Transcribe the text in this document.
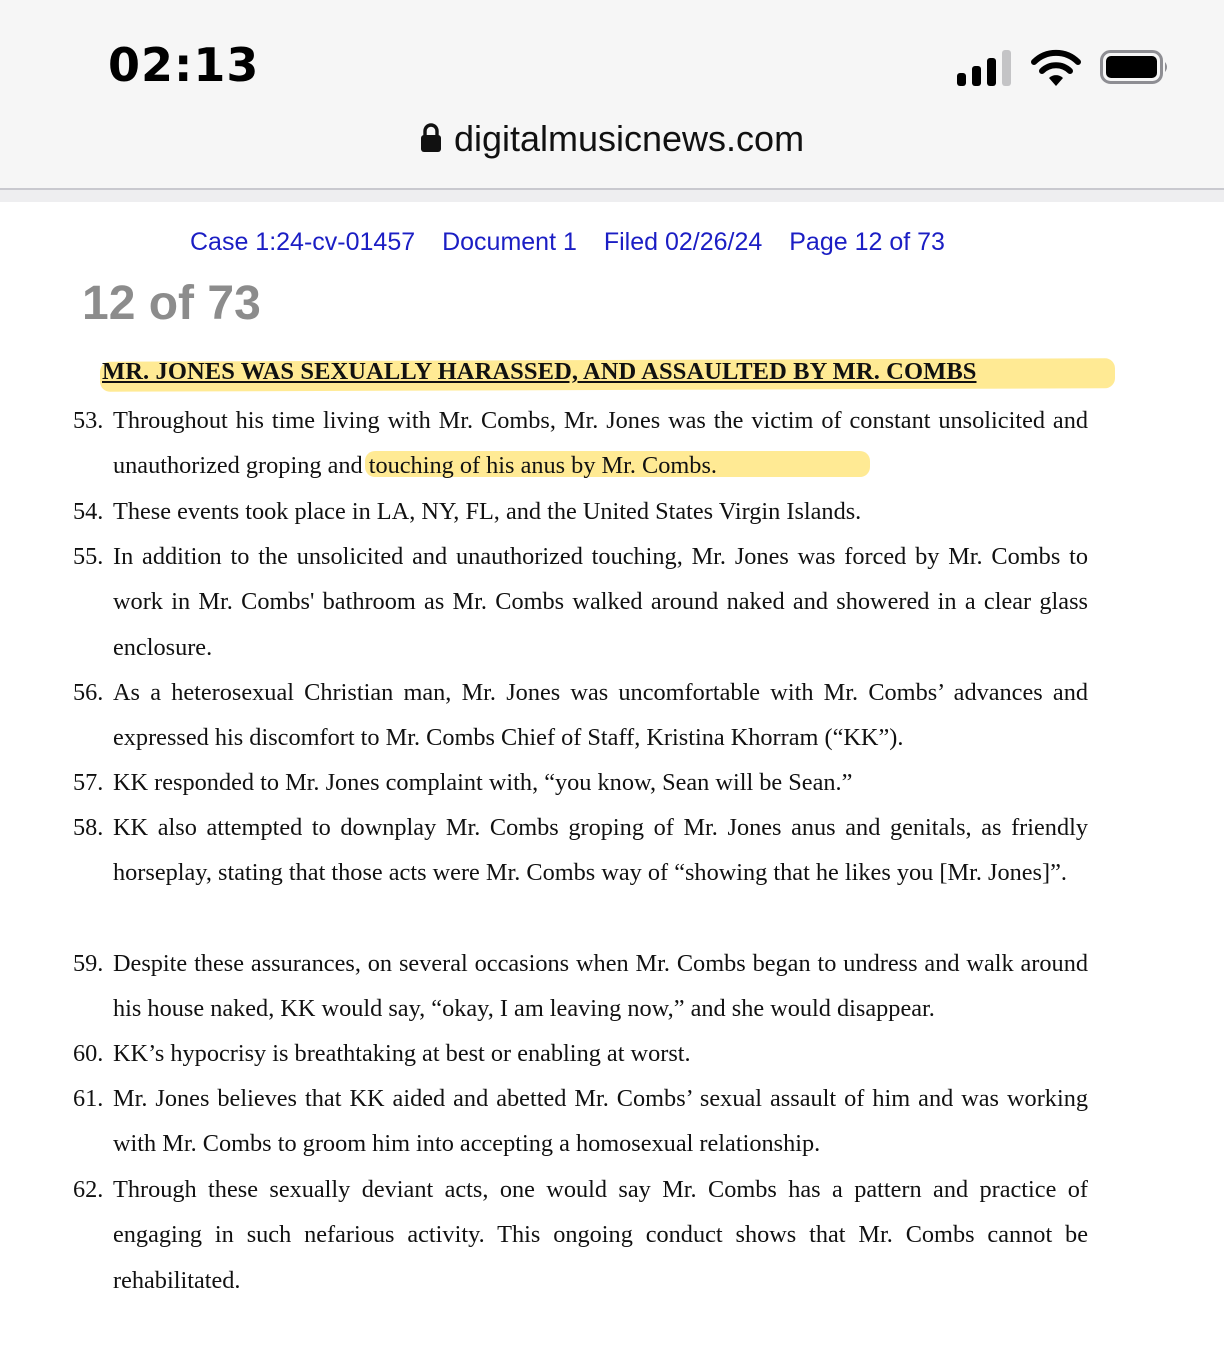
02:13
digitalmusicnews.com
Case 1:24-cv-01457 Document 1 Filed 02/26/24 Page 12 of 73
12 of 73
MR. JONES WAS SEXUALLY HARASSED, AND ASSAULTED BY MR. COMBS
53. Throughout his time living with Mr. Combs, Mr. Jones was the victim of constant unsolicited and unauthorized groping and touching of his anus by Mr. Combs.
54. These events took place in LA, NY, FL, and the United States Virgin Islands.
55. In addition to the unsolicited and unauthorized touching, Mr. Jones was forced by Mr. Combs to work in Mr. Combs' bathroom as Mr. Combs walked around naked and showered in a clear glass enclosure.
56. As a heterosexual Christian man, Mr. Jones was uncomfortable with Mr. Combs’ advances and expressed his discomfort to Mr. Combs Chief of Staff, Kristina Khorram (“KK”).
57. KK responded to Mr. Jones complaint with, “you know, Sean will be Sean.”
58. KK also attempted to downplay Mr. Combs groping of Mr. Jones anus and genitals, as friendly horseplay, stating that those acts were Mr. Combs way of “showing that he likes you [Mr. Jones]”.
59. Despite these assurances, on several occasions when Mr. Combs began to undress and walk around his house naked, KK would say, “okay, I am leaving now,” and she would disappear.
60. KK’s hypocrisy is breathtaking at best or enabling at worst.
61. Mr. Jones believes that KK aided and abetted Mr. Combs’ sexual assault of him and was working with Mr. Combs to groom him into accepting a homosexual relationship.
62. Through these sexually deviant acts, one would say Mr. Combs has a pattern and practice of engaging in such nefarious activity. This ongoing conduct shows that Mr. Combs cannot be rehabilitated.
